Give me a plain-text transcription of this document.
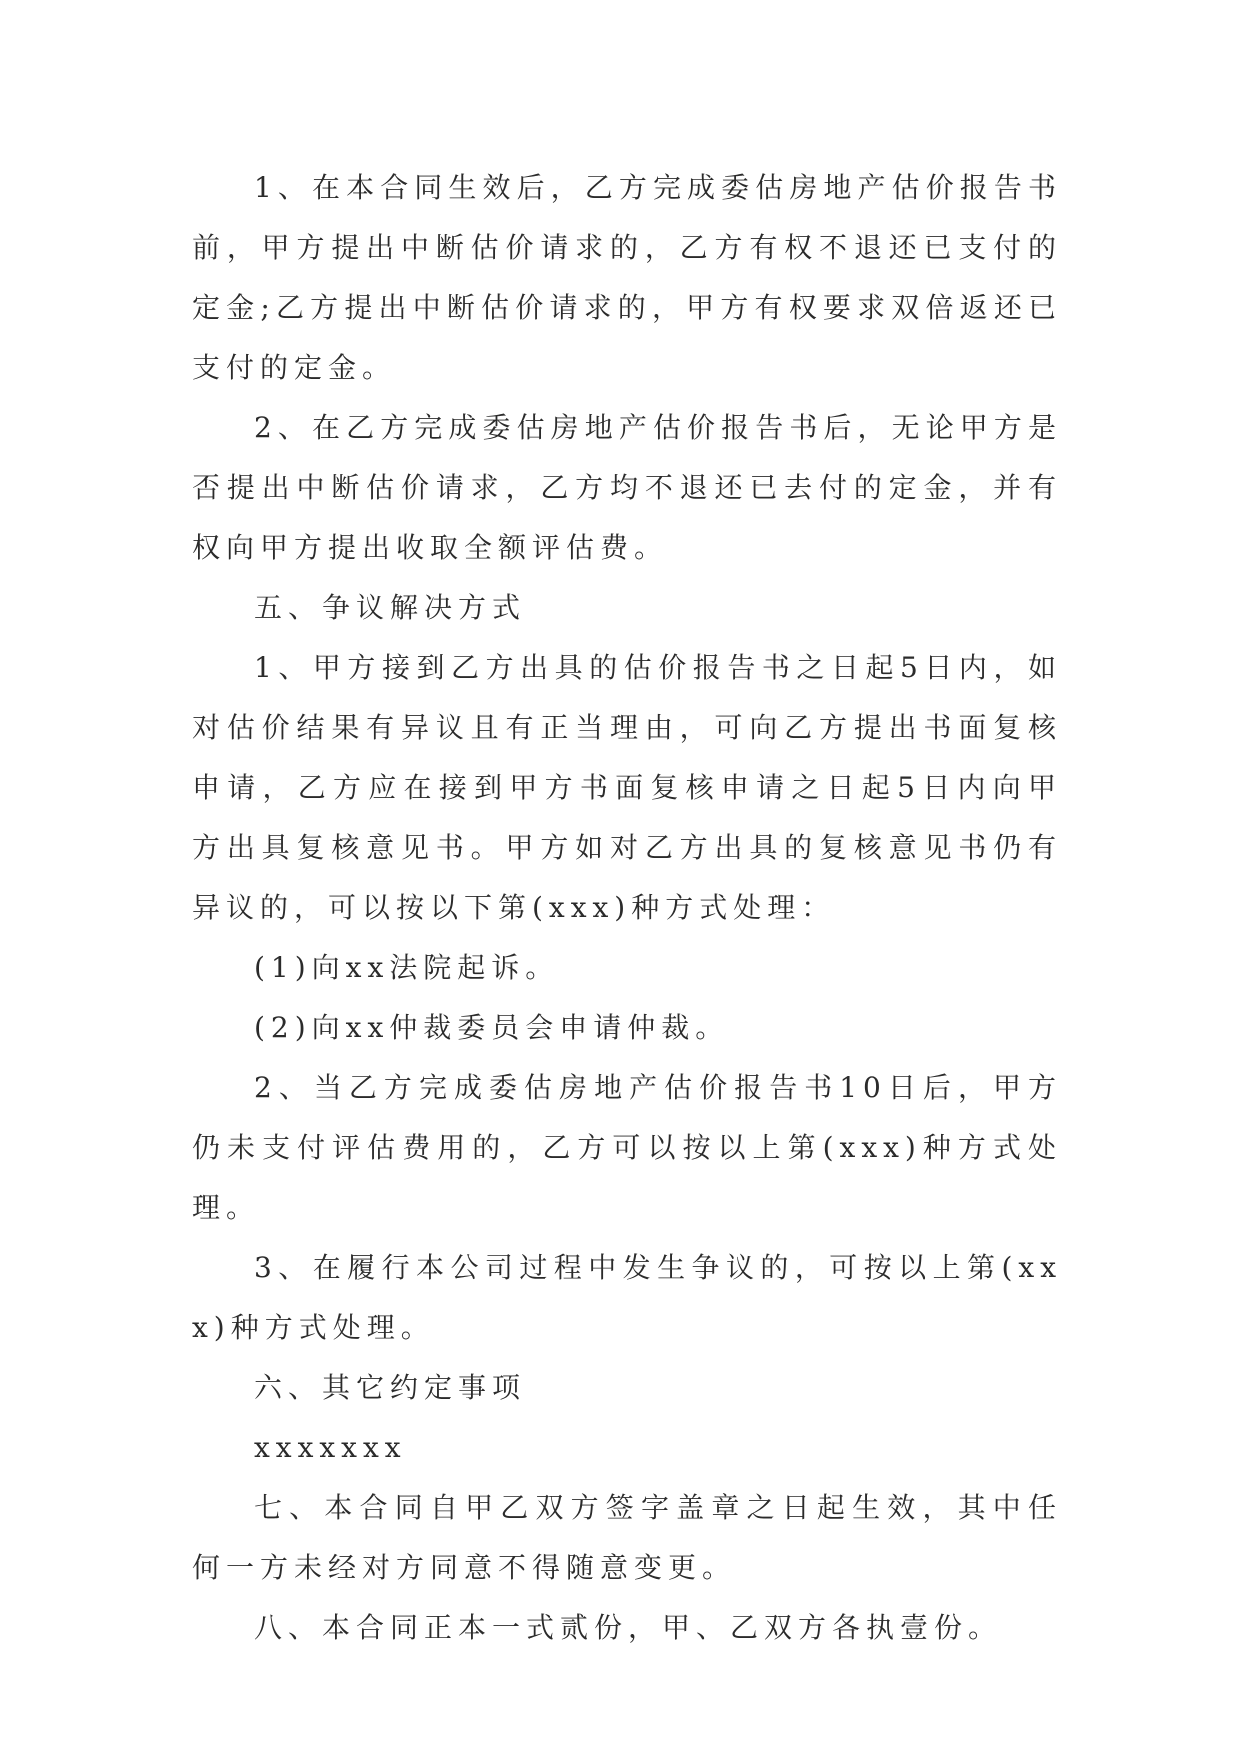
1、在本合同生效后，乙方完成委估房地产估价报告书前，甲方提出中断估价请求的，乙方有权不退还已支付的定金;乙方提出中断估价请求的，甲方有权要求双倍返还已支付的定金。

2、在乙方完成委估房地产估价报告书后，无论甲方是否提出中断估价请求，乙方均不退还已去付的定金，并有权向甲方提出收取全额评估费。

五、争议解决方式

1、甲方接到乙方出具的估价报告书之日起5日内，如对估价结果有异议且有正当理由，可向乙方提出书面复核申请，乙方应在接到甲方书面复核申请之日起5日内向甲方出具复核意见书。甲方如对乙方出具的复核意见书仍有异议的，可以按以下第(xxx)种方式处理：

(1)向xx法院起诉。

(2)向xx仲裁委员会申请仲裁。

2、当乙方完成委估房地产估价报告书10日后，甲方仍未支付评估费用的，乙方可以按以上第(xxx)种方式处理。

3、在履行本公司过程中发生争议的，可按以上第(xxx)种方式处理。

六、其它约定事项

xxxxxxx

七、本合同自甲乙双方签字盖章之日起生效，其中任何一方未经对方同意不得随意变更。

八、本合同正本一式贰份，甲、乙双方各执壹份。
